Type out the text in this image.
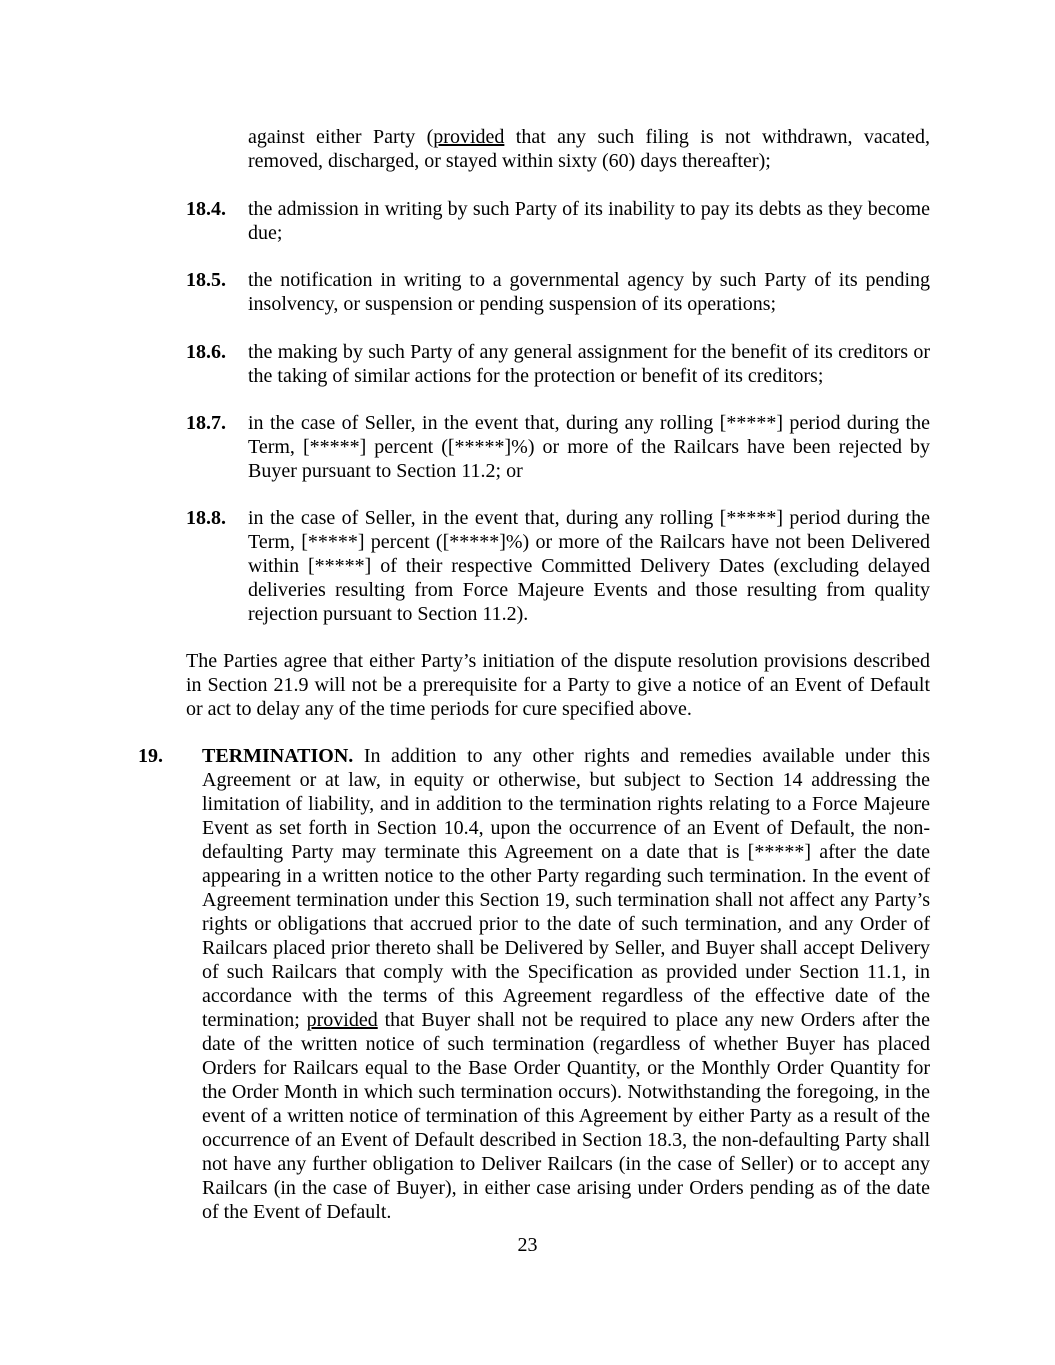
against either Party (provided that any such filing is not withdrawn, vacated, removed, discharged, or stayed within sixty (60) days thereafter);
18.4. the admission in writing by such Party of its inability to pay its debts as they become due;
18.5. the notification in writing to a governmental agency by such Party of its pending insolvency, or suspension or pending suspension of its operations;
18.6. the making by such Party of any general assignment for the benefit of its creditors or the taking of similar actions for the protection or benefit of its creditors;
18.7. in the case of Seller, in the event that, during any rolling [*****] period during the Term, [*****] percent ([*****]%) or more of the Railcars have been rejected by Buyer pursuant to Section 11.2; or
18.8. in the case of Seller, in the event that, during any rolling [*****] period during the Term, [*****] percent ([*****]%) or more of the Railcars have not been Delivered within [*****] of their respective Committed Delivery Dates (excluding delayed deliveries resulting from Force Majeure Events and those resulting from quality rejection pursuant to Section 11.2).
The Parties agree that either Party’s initiation of the dispute resolution provisions described in Section 21.9 will not be a prerequisite for a Party to give a notice of an Event of Default or act to delay any of the time periods for cure specified above.
19. TERMINATION. In addition to any other rights and remedies available under this Agreement or at law, in equity or otherwise, but subject to Section 14 addressing the limitation of liability, and in addition to the termination rights relating to a Force Majeure Event as set forth in Section 10.4, upon the occurrence of an Event of Default, the non-defaulting Party may terminate this Agreement on a date that is [*****] after the date appearing in a written notice to the other Party regarding such termination. In the event of Agreement termination under this Section 19, such termination shall not affect any Party’s rights or obligations that accrued prior to the date of such termination, and any Order of Railcars placed prior thereto shall be Delivered by Seller, and Buyer shall accept Delivery of such Railcars that comply with the Specification as provided under Section 11.1, in accordance with the terms of this Agreement regardless of the effective date of the termination; provided that Buyer shall not be required to place any new Orders after the date of the written notice of such termination (regardless of whether Buyer has placed Orders for Railcars equal to the Base Order Quantity, or the Monthly Order Quantity for the Order Month in which such termination occurs). Notwithstanding the foregoing, in the event of a written notice of termination of this Agreement by either Party as a result of the occurrence of an Event of Default described in Section 18.3, the non-defaulting Party shall not have any further obligation to Deliver Railcars (in the case of Seller) or to accept any Railcars (in the case of Buyer), in either case arising under Orders pending as of the date of the Event of Default.
23
